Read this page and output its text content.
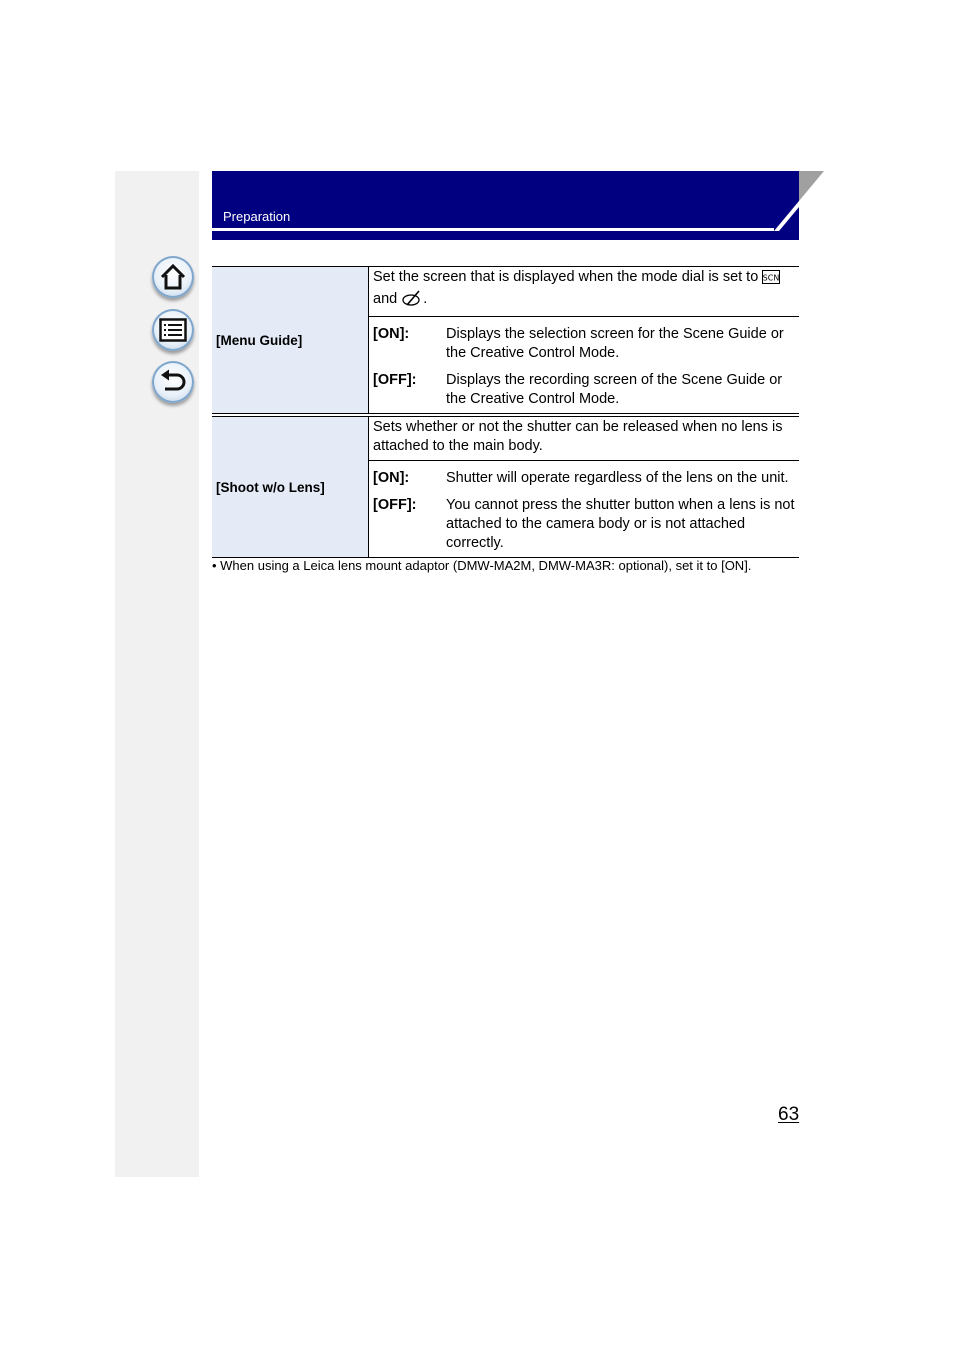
Preparation
[Menu Guide]	Set the screen that is displayed when the mode dial is set to SCN

and .

[ON]:	Displays the selection screen for the Scene Guide or the Creative Control Mode.
[OFF]:	Displays the recording screen of the Scene Guide or the Creative Control Mode.
[Shoot w/o Lens]	Sets whether or not the shutter can be released when no lens is attached to the main body.

[ON]:	Shutter will operate regardless of the lens on the unit.
[OFF]:	You cannot press the shutter button when a lens is not attached to the camera body or is not attached correctly.
• When using a Leica lens mount adaptor (DMW-MA2M, DMW-MA3R: optional), set it to [ON].
63
